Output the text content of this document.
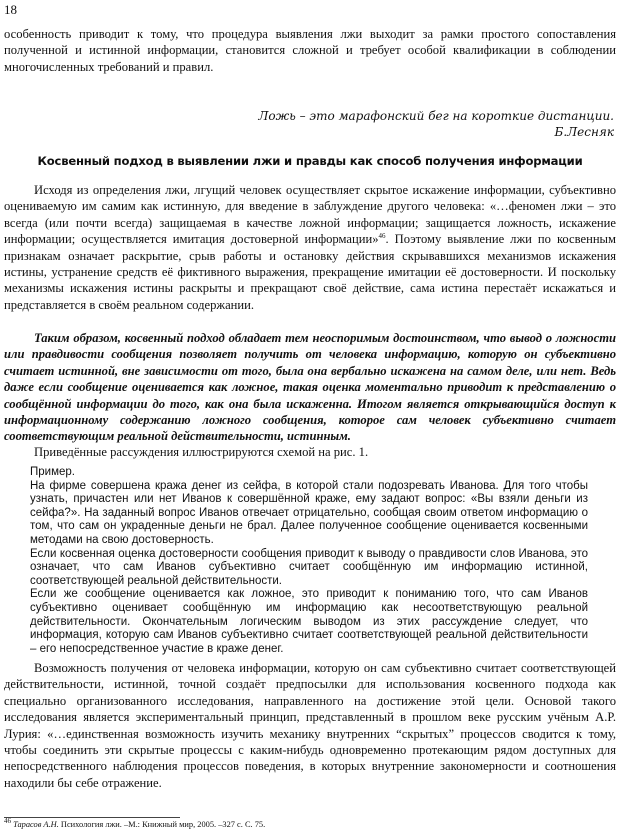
18

особенность приводит к тому, что процедура выявления лжи выходит за рамки простого сопоставления полученной и истинной информации, становится сложной и требует особой квалификации в соблюдении многочисленных требований и правил.

Ложь – это марафонский бег на короткие дистанции.
Б.Лесняк
Косвенный подход в выявлении лжи и правды как способ получения информации

Исходя из определения лжи, лгущий человек осуществляет скрытое искажение информации, субъективно оцениваемую им самим как истинную, для введение в заблуждение другого человека: «…феномен лжи – это всегда (или почти всегда) защищаемая в качестве ложной информации; защищается ложность, искажение информации; осуществляется имитация достоверной информации»$^{46}$. Поэтому выявление лжи по косвенным признакам означает раскрытие, срыв работы и остановку действия скрывавшихся механизмов искажения истины, устранение средств её фиктивного выражения, прекращение имитации её достоверности. И поскольку механизмы искажения истины раскрыты и прекращают своё действие, сама истина перестаёт искажаться и представляется в своём реальном содержании.

Таким образом, косвенный подход обладает тем неоспоримым достоинством, что вывод о ложности или правдивости сообщения позволяет получить от человека информацию, которую он субъективно считает истинной, вне зависимости от того, была она вербально искажена на самом деле, или нет. Ведь даже если сообщение оценивается как ложное, такая оценка моментально приводит к представлению о сообщённой информации до того, как она была искаженна. Итогом является открывающийся доступ к информационному содержанию ложного сообщения, которое сам человек субъективно считает соответствующим реальной действительности, истинным.

Приведённые рассуждения иллюстрируются схемой на рис. 1.

Пример.

На фирме совершена кража денег из сейфа, в которой стали подозревать Иванова. Для того чтобы узнать, причастен или нет Иванов к совершённой краже, ему задают вопрос: «Вы взяли деньги из сейфа?». На заданный вопрос Иванов отвечает отрицательно, сообщая своим ответом информацию о том, что сам он украденные деньги не брал. Далее полученное сообщение оценивается косвенными методами на свою достоверность.

Если косвенная оценка достоверности сообщения приводит к выводу о правдивости слов Иванова, это означает, что сам Иванов субъективно считает сообщённую им информацию истинной, соответствующей реальной действительности.

Если же сообщение оценивается как ложное, это приводит к пониманию того, что сам Иванов субъективно оценивает сообщённую им информацию как несоответствующую реальной действительности. Окончательным логическим выводом из этих рассуждение следует, что информация, которую сам Иванов субъективно считает соответствующей реальной действительности – его непосредственное участие в краже денег.

Возможность получения от человека информации, которую он сам субъективно считает соответствующей действительности, истинной, точной создаёт предпосылки для использования косвенного подхода как специально организованного исследования, направленного на достижение этой цели. Основой такого исследования является экспериментальный принцип, представленный в прошлом веке русским учёным А.Р. Лурия: «…единственная возможность изучить механику внутренних “скрытых” процессов сводится к тому, чтобы соединить эти скрытые процессы с каким-нибудь одновременно протекающим рядом доступных для непосредственного наблюдения процессов поведения, в которых внутренние закономерности и соотношения находили бы себе отражение.

$^{46}$ Тарасов А.Н. Психология лжи. –М.: Книжный мир, 2005. –327 с. С. 75.
